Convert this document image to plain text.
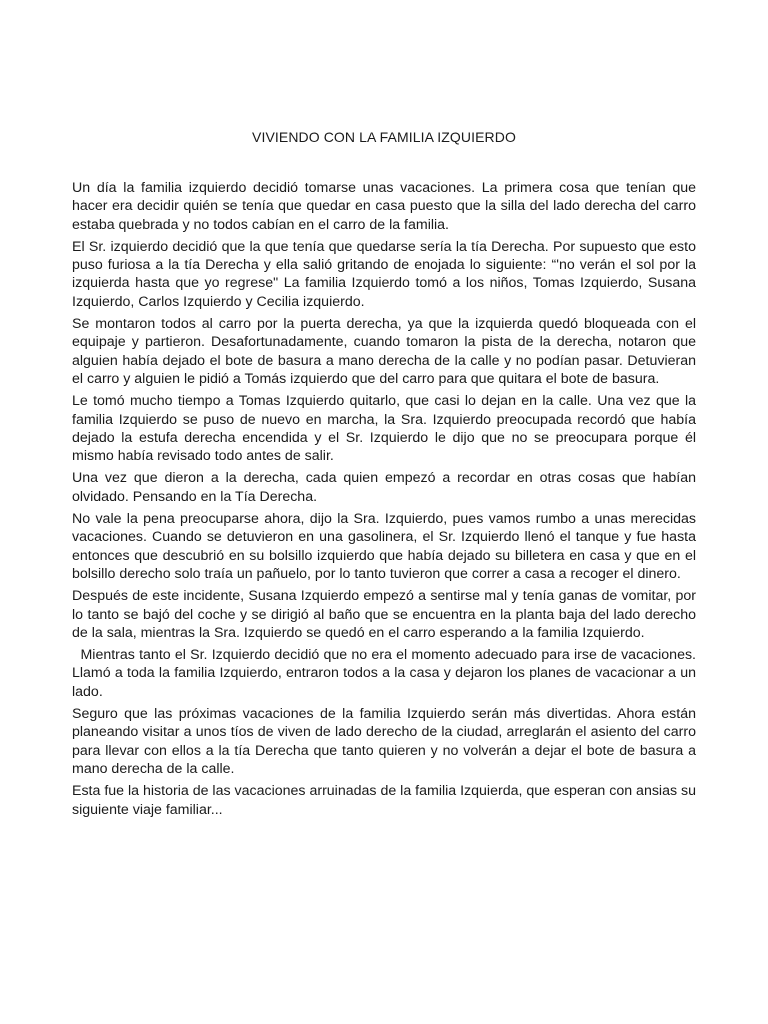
VIVIENDO CON LA FAMILIA IZQUIERDO

Un día la familia izquierdo decidió tomarse unas vacaciones. La primera cosa que tenían que hacer era decidir quién se tenía que quedar en casa puesto que la silla del lado derecha del carro estaba quebrada y no todos cabían en el carro de la familia.

El Sr. izquierdo decidió que la que tenía que quedarse sería la tía Derecha. Por supuesto que esto puso furiosa a la tía Derecha y ella salió gritando de enojada lo siguiente: “'no verán el sol por la izquierda hasta que yo regrese" La familia Izquierdo tomó a los niños, Tomas Izquierdo, Susana Izquierdo, Carlos Izquierdo y Cecilia izquierdo.

Se montaron todos al carro por la puerta derecha, ya que la izquierda quedó bloqueada con el equipaje y partieron. Desafortunadamente, cuando tomaron la pista de la derecha, notaron que alguien había dejado el bote de basura a mano derecha de la calle y no podían pasar. Detuvieran el carro y alguien le pidió a Tomás izquierdo que del carro para que quitara el bote de basura.

Le tomó mucho tiempo a Tomas Izquierdo quitarlo, que casi lo dejan en la calle. Una vez que la familia Izquierdo se puso de nuevo en marcha, la Sra. Izquierdo preocupada recordó que había dejado la estufa derecha encendida y el Sr. Izquierdo le dijo que no se preocupara porque él mismo había revisado todo antes de salir.

Una vez que dieron a la derecha, cada quien empezó a recordar en otras cosas que habían olvidado. Pensando en la Tía Derecha.

No vale la pena preocuparse ahora, dijo la Sra. Izquierdo, pues vamos rumbo a unas merecidas vacaciones. Cuando se detuvieron en una gasolinera, el Sr. Izquierdo llenó el tanque y fue hasta entonces que descubrió en su bolsillo izquierdo que había dejado su billetera en casa y que en el bolsillo derecho solo traía un pañuelo, por lo tanto tuvieron que correr a casa a recoger el dinero.

Después de este incidente, Susana Izquierdo empezó a sentirse mal y tenía ganas de vomitar, por lo tanto se bajó del coche y se dirigió al baño que se encuentra en la planta baja del lado derecho de la sala, mientras la Sra. Izquierdo se quedó en el carro esperando a la familia Izquierdo.

Mientras tanto el Sr. Izquierdo decidió que no era el momento adecuado para irse de vacaciones. Llamó a toda la familia Izquierdo, entraron todos a la casa y dejaron los planes de vacacionar a un lado.

Seguro que las próximas vacaciones de la familia Izquierdo serán más divertidas. Ahora están planeando visitar a unos tíos de viven de lado derecho de la ciudad, arreglarán el asiento del carro para llevar con ellos a la tía Derecha que tanto quieren y no volverán a dejar el bote de basura a mano derecha de la calle.

Esta fue la historia de las vacaciones arruinadas de la familia Izquierda, que esperan con ansias su siguiente viaje familiar...
